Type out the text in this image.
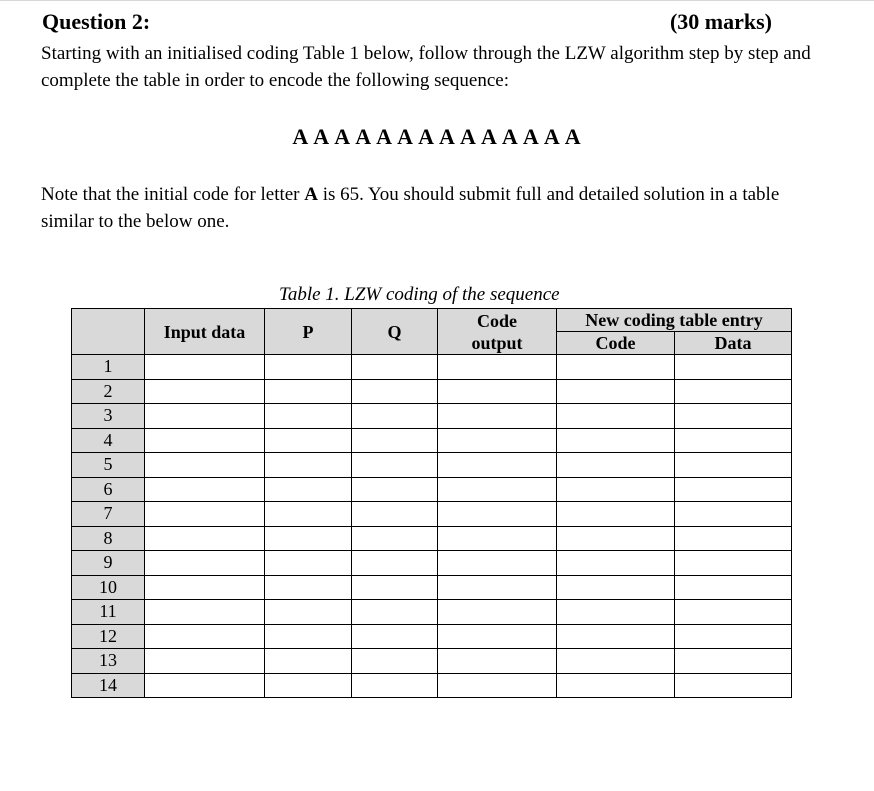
Question 2:	(30 marks)
Starting with an initialised coding Table 1 below, follow through the LZW algorithm step by step and complete the table in order to encode the following sequence:
A A A A A A A A A A A A A A
Note that the initial code for letter A is 65. You should submit full and detailed solution in a table similar to the below one.
Table 1. LZW coding of the sequence
	Input data	P	Q	Code
output	New coding table entry	
					Code	Data
1						
2						
3						
4						
5						
6						
7						
8						
9						
10						
11						
12						
13						
14						
